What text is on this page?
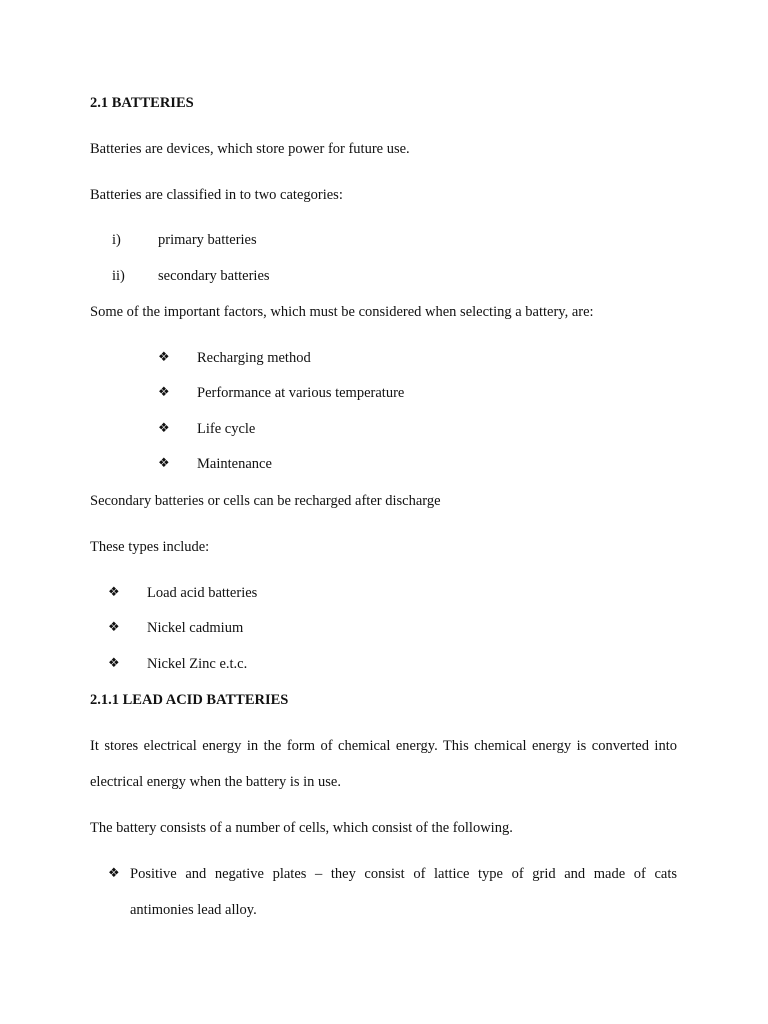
2.1 BATTERIES
Batteries are devices, which store power for future use.
Batteries are classified in to two categories:
i)	primary batteries
ii) secondary batteries
Some of the important factors, which must be considered when selecting a battery, are:
❖ Recharging method
❖ Performance at various temperature
❖ Life cycle
❖ Maintenance
Secondary batteries or cells can be recharged after discharge
These types include:
❖ Load acid batteries
❖ Nickel cadmium
❖ Nickel Zinc e.t.c.
2.1.1 LEAD ACID BATTERIES
It stores electrical energy in the form of chemical energy. This chemical energy is converted into
electrical energy when the battery is in use.
The battery consists of a number of cells, which consist of the following.
❖ Positive and negative plates – they consist of lattice type of grid and made of cats
antimonies lead alloy.
